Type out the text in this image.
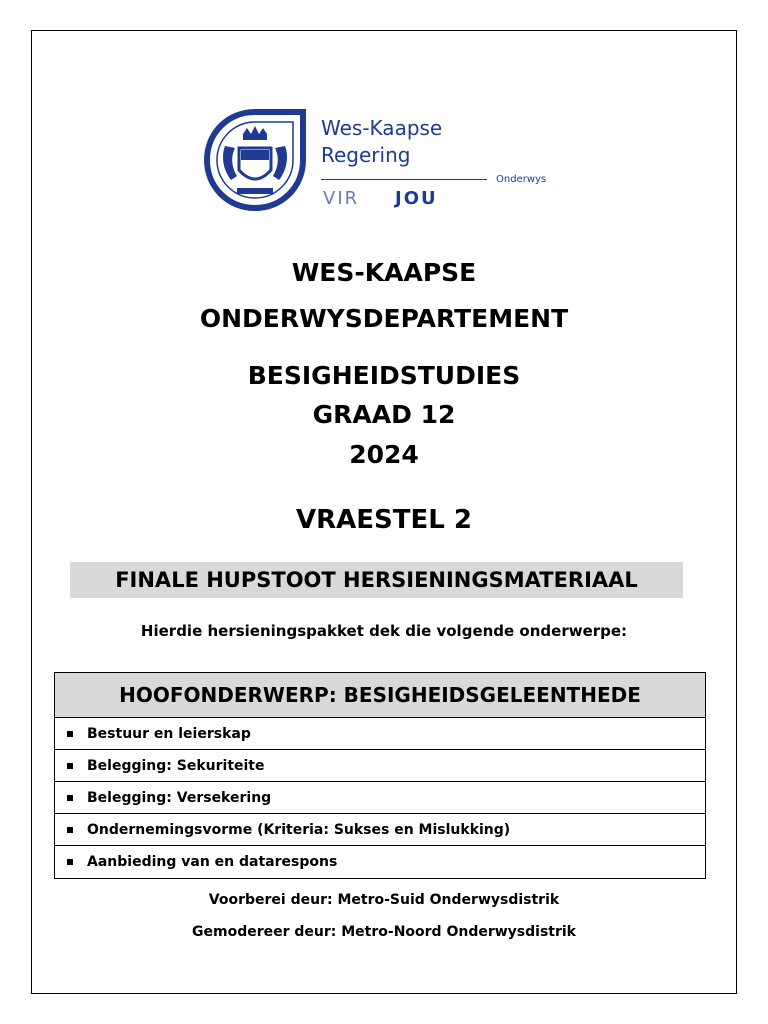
Wes-Kaapse
Regering
Onderwys
VIR JOU
WES-KAAPSE
ONDERWYSDEPARTEMENT
BESIGHEIDSTUDIES
GRAAD 12
2024
VRAESTEL 2
FINALE HUPSTOOT HERSIENINGSMATERIAAL
Hierdie hersieningspakket dek die volgende onderwerpe:
HOOFONDERWERP: BESIGHEIDSGELEENTHEDE
Bestuur en leierskap
Belegging: Sekuriteite
Belegging: Versekering
Ondernemingsvorme (Kriteria: Sukses en Mislukking)
Aanbieding van en datarespons
Voorberei deur: Metro-Suid Onderwysdistrik
Gemodereer deur: Metro-Noord Onderwysdistrik
